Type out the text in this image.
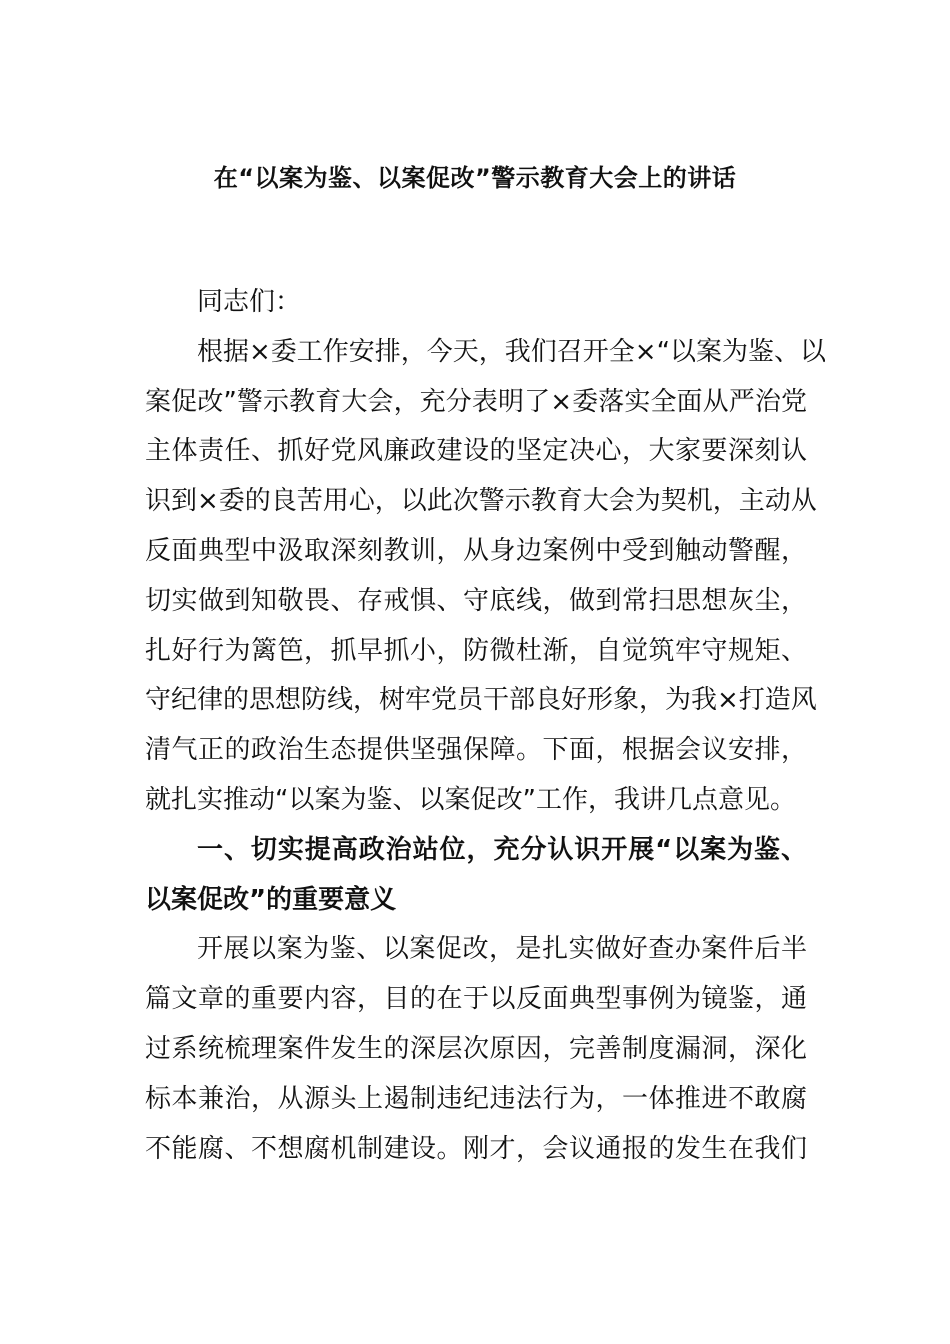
在“以案为鉴、以案促改”警示教育大会上的讲话
同志们：
根据×委工作安排，今天，我们召开全×“以案为鉴、以
案促改”警示教育大会，充分表明了×委落实全面从严治党
主体责任、抓好党风廉政建设的坚定决心，大家要深刻认
识到×委的良苦用心，以此次警示教育大会为契机，主动从
反面典型中汲取深刻教训，从身边案例中受到触动警醒，
切实做到知敬畏、存戒惧、守底线，做到常扫思想灰尘，
扎好行为篱笆，抓早抓小，防微杜渐，自觉筑牢守规矩、
守纪律的思想防线，树牢党员干部良好形象，为我×打造风
清气正的政治生态提供坚强保障。下面，根据会议安排，
就扎实推动“以案为鉴、以案促改”工作，我讲几点意见。
一、切实提高政治站位，充分认识开展“以案为鉴、
以案促改”的重要意义
开展以案为鉴、以案促改，是扎实做好查办案件后半
篇文章的重要内容，目的在于以反面典型事例为镜鉴，通
过系统梳理案件发生的深层次原因，完善制度漏洞，深化
标本兼治，从源头上遏制违纪违法行为，一体推进不敢腐
不能腐、不想腐机制建设。刚才，会议通报的发生在我们
